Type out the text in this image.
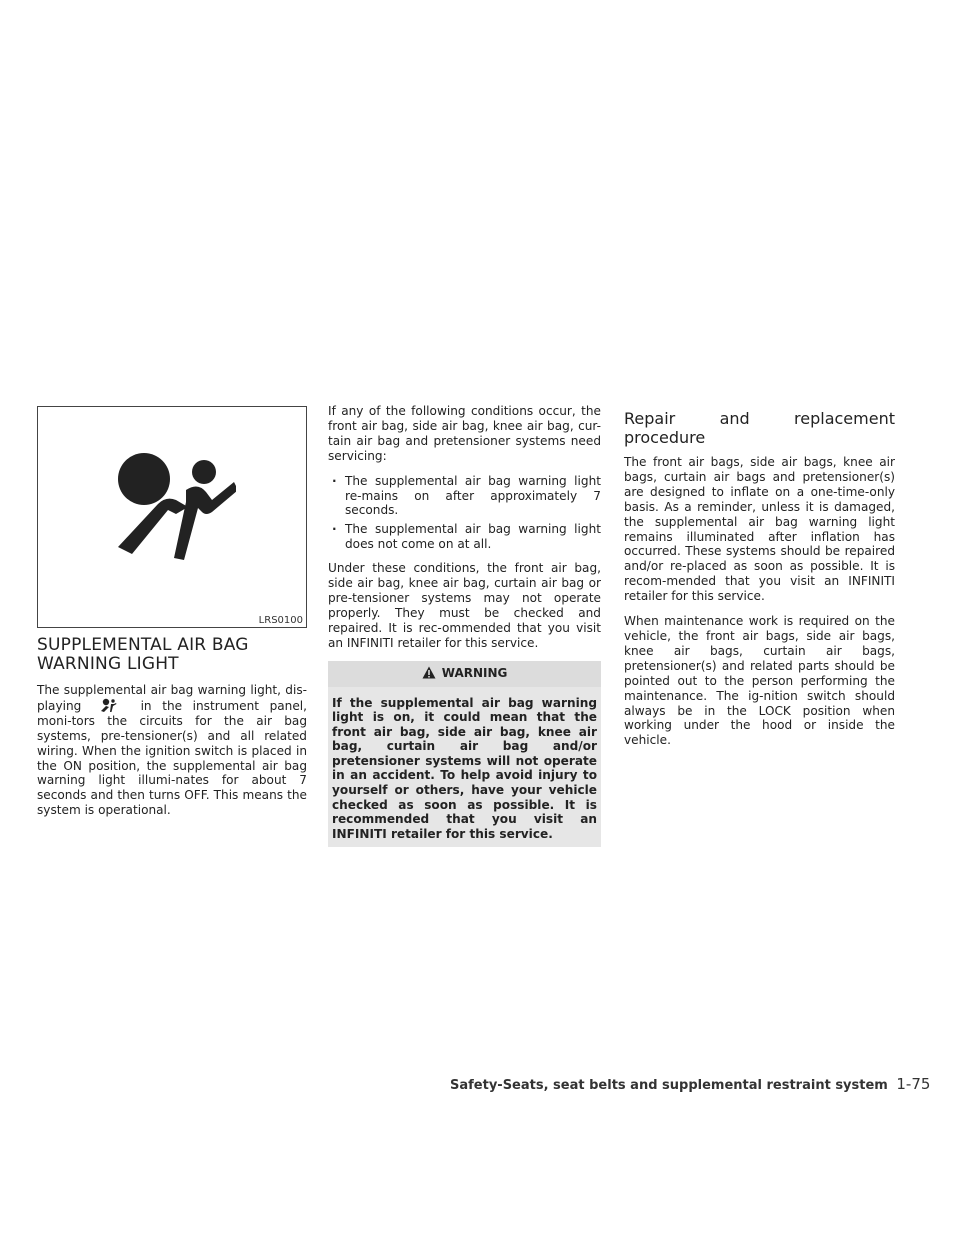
LRS0100
SUPPLEMENTAL AIR BAG
WARNING LIGHT

The supplemental air bag warning light, dis-playing	in the instrument panel, moni-tors the circuits for the air bag systems, pre-tensioner(s) and all related wiring. When the ignition switch is placed in the ON position, the supplemental air bag warning light illumi-nates for about 7 seconds and then turns OFF. This means the system is operational.

If any of the following conditions occur, the front air bag, side air bag, knee air bag, cur-tain air bag and pretensioner systems need servicing:

· The supplemental air bag warning light re-mains on after approximately 7 seconds.
· The supplemental air bag warning light does not come on at all.

Under these conditions, the front air bag, side air bag, knee air bag, curtain air bag or pre-tensioner systems may not operate properly. They must be checked and repaired. It is rec-ommended that you visit an INFINITI retailer for this service.

WARNING
If the supplemental air bag warning light is on, it could mean that the front air bag, side air bag, knee air bag, curtain air bag and/or pretensioner systems will not operate in an accident. To help avoid injury to yourself or others, have your vehicle checked as soon as possible. It is recommended that you visit an INFINITI retailer for this service.
Repair and replacement procedure

The front air bags, side air bags, knee air bags, curtain air bags and pretensioner(s) are designed to inflate on a one-time-only basis. As a reminder, unless it is damaged, the supplemental air bag warning light remains illuminated after inflation has occurred. These systems should be repaired and/or re-placed as soon as possible. It is recom-mended that you visit an INFINITI retailer for this service.

When maintenance work is required on the vehicle, the front air bags, side air bags, knee air bags, curtain air bags, pretensioner(s) and related parts should be pointed out to the person performing the maintenance. The ig-nition switch should always be in the LOCK position when working under the hood or inside the vehicle.

Safety-Seats, seat belts and supplemental restraint system 1-75
